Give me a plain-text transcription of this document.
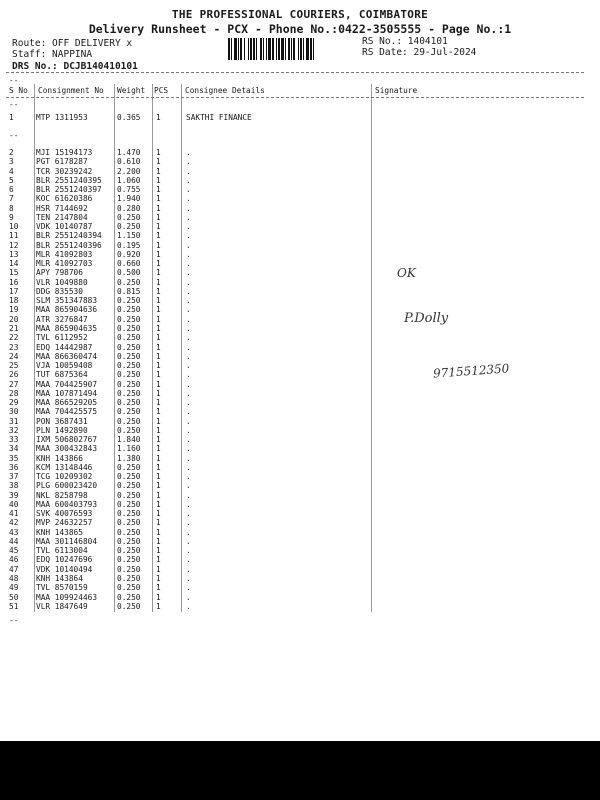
THE PROFESSIONAL COURIERS, COIMBATORE
Delivery Runsheet - PCX - Phone No.:0422-3505555 - Page No.:1
Route: OFF DELIVERY x
Staff: NAPPINA
DRS No.: DCJB140410101
RS No.: 1404101
RS Date: 29-Jul-2024
--
S No Consignment No Weight PCS Consignee Details	Signature
--
1	MTP 1311953	0.365 1	SAKTHI FINANCE
--
2	MJI 15194173	1.470 1	.
3	PGT 6178287	0.610 1	.
4	TCR 30239242	2.200 1	.
5	BLR 2551240395 1.060 1	.
6	BLR 2551240397 0.755 1	.
7	KOC 61620386	1.940 1	.
8	HSR 7144692	0.280 1	.
9	TEN 2147804	0.250 1	.
10 VDK 10140787	0.250 1	.
11 BLR 2551240394 1.150 1	.
12 BLR 2551240396 0.195 1	.
13 MLR 41092803	0.920 1	.
14 MLR 41092703	0.660 1	.
15 APY 798706	0.500 1	.
16 VLR 1049880	0.250 1	.
17 DDG 835530	0.815 1	.
18 SLM 351347883	0.250 1	.
19 MAA 865904636	0.250 1	.
20 ATR 3276847	0.250 1	.
21 MAA 865904635	0.250 1	.
22 TVL 6112952	0.250 1	.
23 EDQ 14442987	0.250 1	.
24 MAA 866360474	0.250 1	.
25 VJA 10059408	0.250 1	.
26 TUT 6875364	0.250 1	.
27 MAA 704425907	0.250 1	.
28 MAA 107871494	0.250 1	.
29 MAA 866529205	0.250 1	.
30 MAA 704425575	0.250 1	.
31 PON 3687431	0.250 1	.
32 PLN 1492890	0.250 1	.
33 IXM 506802767	1.840 1	.
34 MAA 300432843	1.160 1	.
35 KNH 143866	1.380 1	.
36 KCM 13148446	0.250 1	.
37 TCG 10209302	0.250 1	.
38 PLG 600023420	0.250 1	.
39 NKL 8258798	0.250 1	.
40 MAA 600403793	0.250 1	.
41 SVK 40076593	0.250 1	.
42 MVP 24632257	0.250 1	.
43 KNH 143865	0.250 1	.
44 MAA 301146804	0.250 1	.
45 TVL 6113004	0.250 1	.
46 EDQ 10247696	0.250 1	.
47 VDK 10140494	0.250 1	.
48 KNH 143864	0.250 1	.
49 TVL 8570159	0.250 1	.
50 MAA 109924463	0.250 1	.
51 VLR 1847649	0.250 1	.
--
OK
P.Dolly
9715512350
